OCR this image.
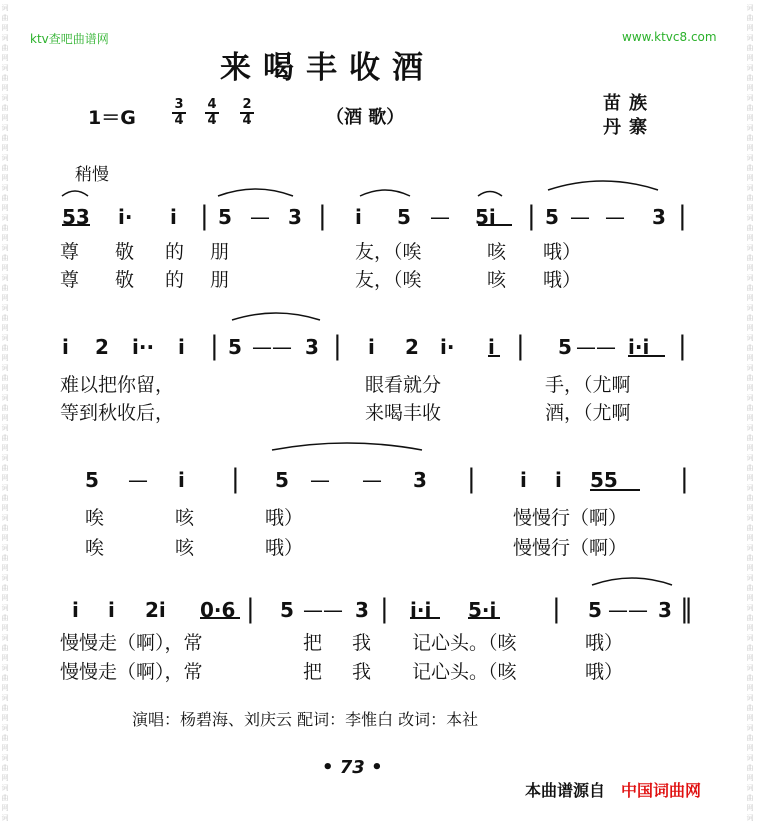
词
曲
网
词
曲
网
词
曲
网
词
曲
网
词
曲
网
词
曲
网
词
曲
网
词
曲
网
词
曲
网
词
曲
网
词
曲
网
词
曲
网
词
曲
网
词
曲
网
词
曲
网
词
曲
网
词
曲
网
词
曲
网
词
曲
网
词
曲
网
词
曲
网
词
曲
网
词
曲
网
词
曲
网
词
曲
网
词
曲
网
词
曲
网
词
词
曲
网
词
曲
网
词
曲
网
词
曲
网
词
曲
网
词
曲
网
词
曲
网
词
曲
网
词
曲
网
词
曲
网
词
曲
网
词
曲
网
词
曲
网
词
曲
网
词
曲
网
词
曲
网
词
曲
网
词
曲
网
词
曲
网
词
曲
网
词
曲
网
词
曲
网
词
曲
网
词
曲
网
词
曲
网
词
曲
网
词
曲
网
词
ktv查吧曲谱网	www.ktvc8.com
来喝丰收酒
1＝G
3
4
4
4
2
4	（酒 歌）
苗族
丹寨
稍慢
53 i· i | 5 — 3 | i 5 — 5i | 5 — — 3 |
尊 敬 的 朋	友，（唉	咳 哦）
尊 敬 的 朋	友，（唉	咳 哦）
i 2 i·· i | 5 —— 3 | i 2 i· i | 5 —— i·i |
难以把你留，	眼看就分	手，（尤啊
等到秋收后，	来喝丰收	酒，（尤啊
5 — i | 5 — — 3 | i i 55 |
唉	咳	哦）	慢慢行（啊）
唉	咳	哦）	慢慢行（啊）
i i 2i 0·6 | 5 —— 3 | i·i 5·i | 5 —— 3 ‖
慢慢走（啊），常	把 我 记心头。（咳	哦）
慢慢走（啊），常	把 我 记心头。（咳	哦）
演唱：杨碧海、刘庆云 配词：李惟白 改词：本社
• 73 •
本曲谱源自　 中国词曲网
